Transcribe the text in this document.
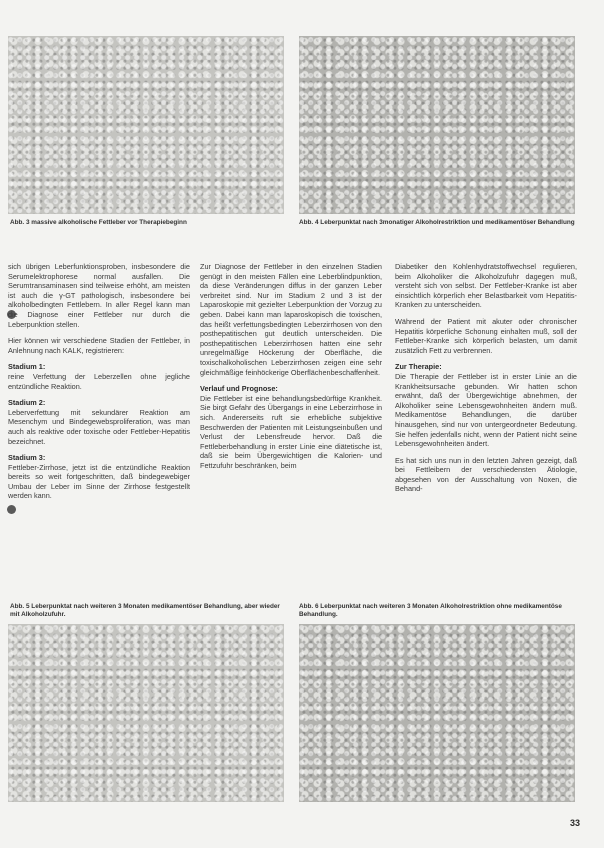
Abb. 3 massive alkoholische Fettleber vor Therapiebeginn	Abb. 4 Leberpunktat nach 3monatiger Alkoholrestriktion und medikamentöser Behandlung

sich übrigen Leberfunktionsproben, insbesondere die Serumelektrophorese normal ausfallen. Die Serumtransaminasen sind teilweise erhöht, am meisten ist auch die γ-GT pathologisch, insbesondere bei alkoholbedingten Fettlebern. In aller Regel kann man die Diagnose einer Fettleber nur durch die Leberpunktion stellen.

Hier können wir verschiedene Stadien der Fettleber, in Anlehnung nach KALK, registrieren:

Stadium 1:

reine Verfettung der Leberzellen ohne jegliche entzündliche Reaktion.

Stadium 2:

Leberverfettung mit sekundärer Reaktion am Mesenchym und Bindegewebsproliferation, was man auch als reaktive oder toxische oder Fettleber-Hepatitis bezeichnet.

Stadium 3:

Fettleber-Zirrhose, jetzt ist die entzündliche Reaktion bereits so weit fortgeschritten, daß bindegewebiger Umbau der Leber im Sinne der Zirrhose festgestellt werden kann.

Zur Diagnose der Fettleber in den einzelnen Stadien genügt in den meisten Fällen eine Leberblindpunktion, da diese Veränderungen diffus in der ganzen Leber verbreitet sind. Nur im Stadium 2 und 3 ist der Laparoskopie mit gezielter Leberpunktion der Vorzug zu geben. Dabei kann man laparoskopisch die toxischen, das heißt verfettungsbedingten Leberzirrhosen von den posthepatitischen gut deutlich unterscheiden. Die posthepatitischen Leberzirrhosen hatten eine sehr unregelmäßige Höckerung der Oberfläche, die toxischalkoholischen Leberzirrhosen zeigen eine sehr gleichmäßige feinhöckerige Oberflächenbeschaffenheit.

Verlauf und Prognose:

Die Fettleber ist eine behandlungsbedürftige Krankheit. Sie birgt Gefahr des Übergangs in eine Leberzirrhose in sich. Andererseits ruft sie erhebliche subjektive Beschwerden der Patienten mit Leistungseinbußen und Verlust der Lebensfreude hervor. Daß die Fettleberbehandlung in erster Linie eine diätetische ist, daß sie beim Übergewichtigen die Kalorien- und Fettzufuhr beschränken, beim

Diabetiker den Kohlenhydratstoffwechsel regulieren, beim Alkoholiker die Alkoholzufuhr dagegen muß, versteht sich von selbst. Der Fettleber-Kranke ist aber einsichtlich körperlich eher Belastbarkeit vom Hepatitis-Kranken zu unterscheiden.

Während der Patient mit akuter oder chronischer Hepatitis körperliche Schonung einhalten muß, soll der Fettleber-Kranke sich körperlich belasten, um damit zusätzlich Fett zu verbrennen.

Zur Therapie:

Die Therapie der Fettleber ist in erster Linie an die Krankheitsursache gebunden. Wir hatten schon erwähnt, daß der Übergewichtige abnehmen, der Alkoholiker seine Lebensgewohnheiten ändern muß. Medikamentöse Behandlungen, die darüber hinausgehen, sind nur von untergeordneter Bedeutung. Sie helfen jedenfalls nicht, wenn der Patient nicht seine Lebensgewohnheiten ändert.

Es hat sich uns nun in den letzten Jahren gezeigt, daß bei Fettleibern der verschiedensten Ätiologie, abgesehen von der Ausschaltung von Noxen, die Behand-

Abb. 5 Leberpunktat nach weiteren 3 Monaten medikamentöser Behandlung, aber wieder mit Alkoholzufuhr.

Abb. 6 Leberpunktat nach weiteren 3 Monaten Alkoholrestriktion ohne medikamentöse Behandlung.

33
